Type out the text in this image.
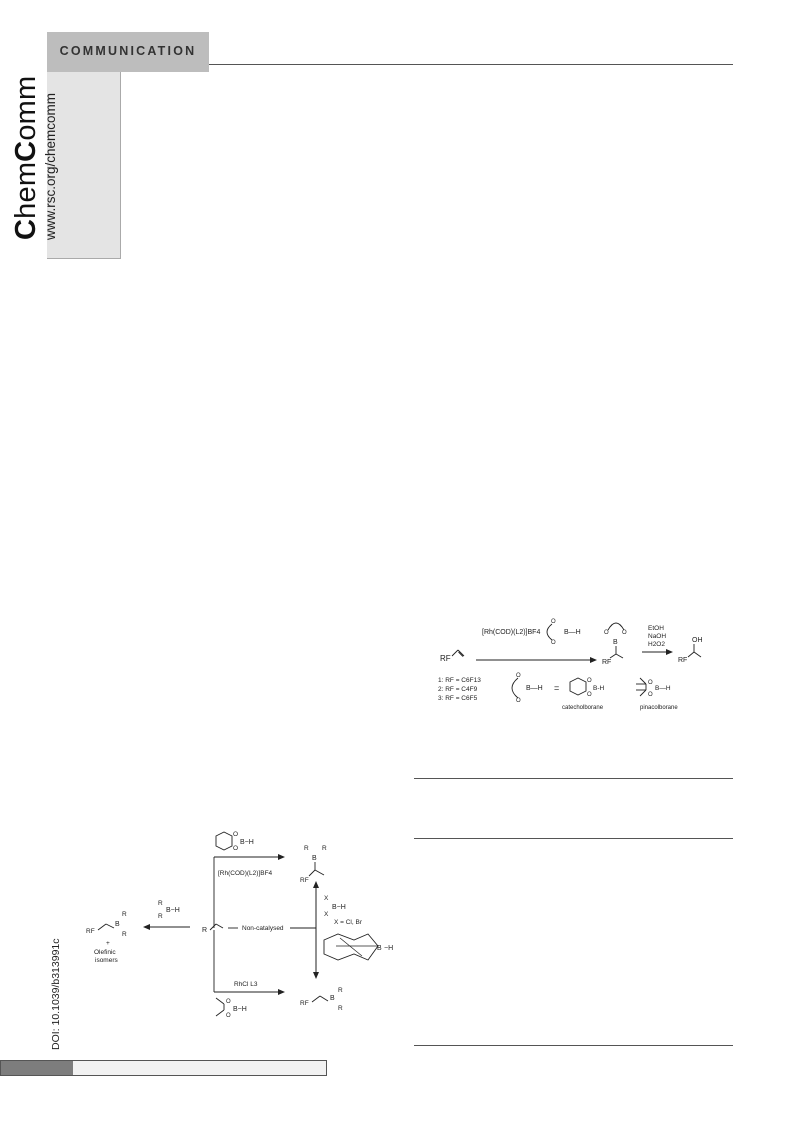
COMMUNICATION
ChemComm www.rsc.org/chemcomm
RF
[Rh(COD)(L2)]BF4
O
O
B—H	O O
B
RF
EtOH
NaOH
H2O2
RF
OH
1: RF = C6F13
2: RF = C4F9
3: RF = C6F5
O
O
B—H =
O
O
B-H
catecholborane
O
O
B—H
pinacolborane
O
O
B−H
[Rh(COD)(L2)]BF4
R R
B
RF
R
R
R
B−H
RF
B
R
R
+
Olefinic
isomers
Non-catalysed
X
X
B−H
X = Cl, Br
B −H
RhCl L3
O
O
B−H
RF
B
R
R
DOI: 10.1039/b313991c
